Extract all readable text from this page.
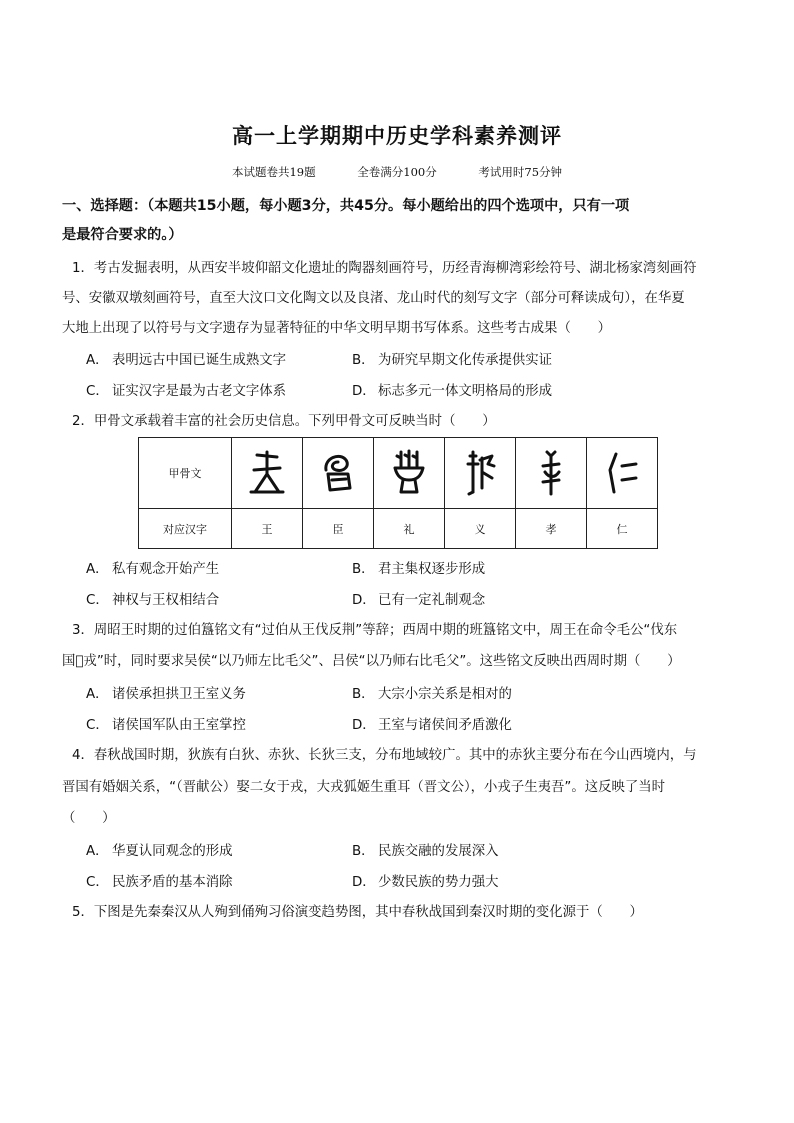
高一上学期期中历史学科素养测评
本试题卷共19题	全卷满分100分	考试用时75分钟
一、选择题：（本题共15小题，每小题3分，共45分。每小题给出的四个选项中，只有一项
是最符合要求的。）
1．考古发掘表明，从西安半坡仰韶文化遗址的陶器刻画符号，历经青海柳湾彩绘符号、湖北杨家湾刻画符
号、安徽双墩刻画符号，直至大汶口文化陶文以及良渚、龙山时代的刻写文字（部分可释读成句），在华夏
大地上出现了以符号与文字遗存为显著特征的中华文明早期书写体系。这些考古成果（　　）
A． 表明远古中国已诞生成熟文字	B． 为研究早期文化传承提供实证
C． 证实汉字是最为古老文字体系	D． 标志多元一体文明格局的形成
2．甲骨文承载着丰富的社会历史信息。下列甲骨文可反映当时（　　）
甲骨文	

对应汉字	王	臣	礼	义	孝	仁
A． 私有观念开始产生	B． 君主集权逐步形成
C． 神权与王权相结合	D． 已有一定礼制观念
3．周昭王时期的过伯簋铭文有“过伯从王伐反荆”等辞；西周中期的班簋铭文中，周王在命令毛公“伐东
国𤞷戎”时，同时要求吴侯“以乃师左比毛父”、吕侯“以乃师右比毛父”。这些铭文反映出西周时期（　　）
A． 诸侯承担拱卫王室义务	B． 大宗小宗关系是相对的
C． 诸侯国军队由王室掌控	D． 王室与诸侯间矛盾激化
4．春秋战国时期，狄族有白狄、赤狄、长狄三支，分布地域较广。其中的赤狄主要分布在今山西境内，与
晋国有婚姻关系，“（晋献公）娶二女于戎，大戎狐姬生重耳（晋文公），小戎子生夷吾”。这反映了当时
（　　）
A． 华夏认同观念的形成	B． 民族交融的发展深入
C． 民族矛盾的基本消除	D． 少数民族的势力强大
5．下图是先秦秦汉从人殉到俑殉习俗演变趋势图，其中春秋战国到秦汉时期的变化源于（　　）
